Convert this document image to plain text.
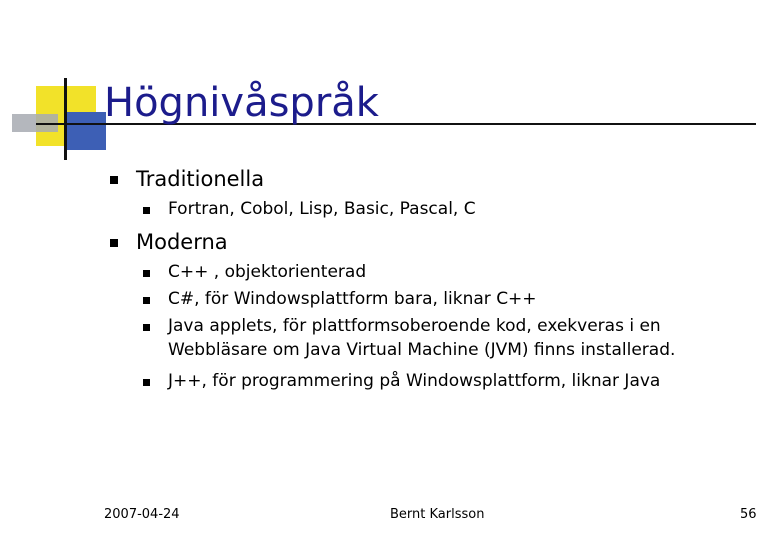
Högnivåspråk
Traditionella
Fortran, Cobol, Lisp, Basic, Pascal, C
Moderna
C++ , objektorienterad
C#, för Windowsplattform bara, liknar C++
Java applets, för plattformsoberoende kod, exekveras i en
Webbläsare om Java Virtual Machine (JVM) finns installerad.
J++, för programmering på Windowsplattform, liknar Java
2007-04-24	Bernt Karlsson	56
